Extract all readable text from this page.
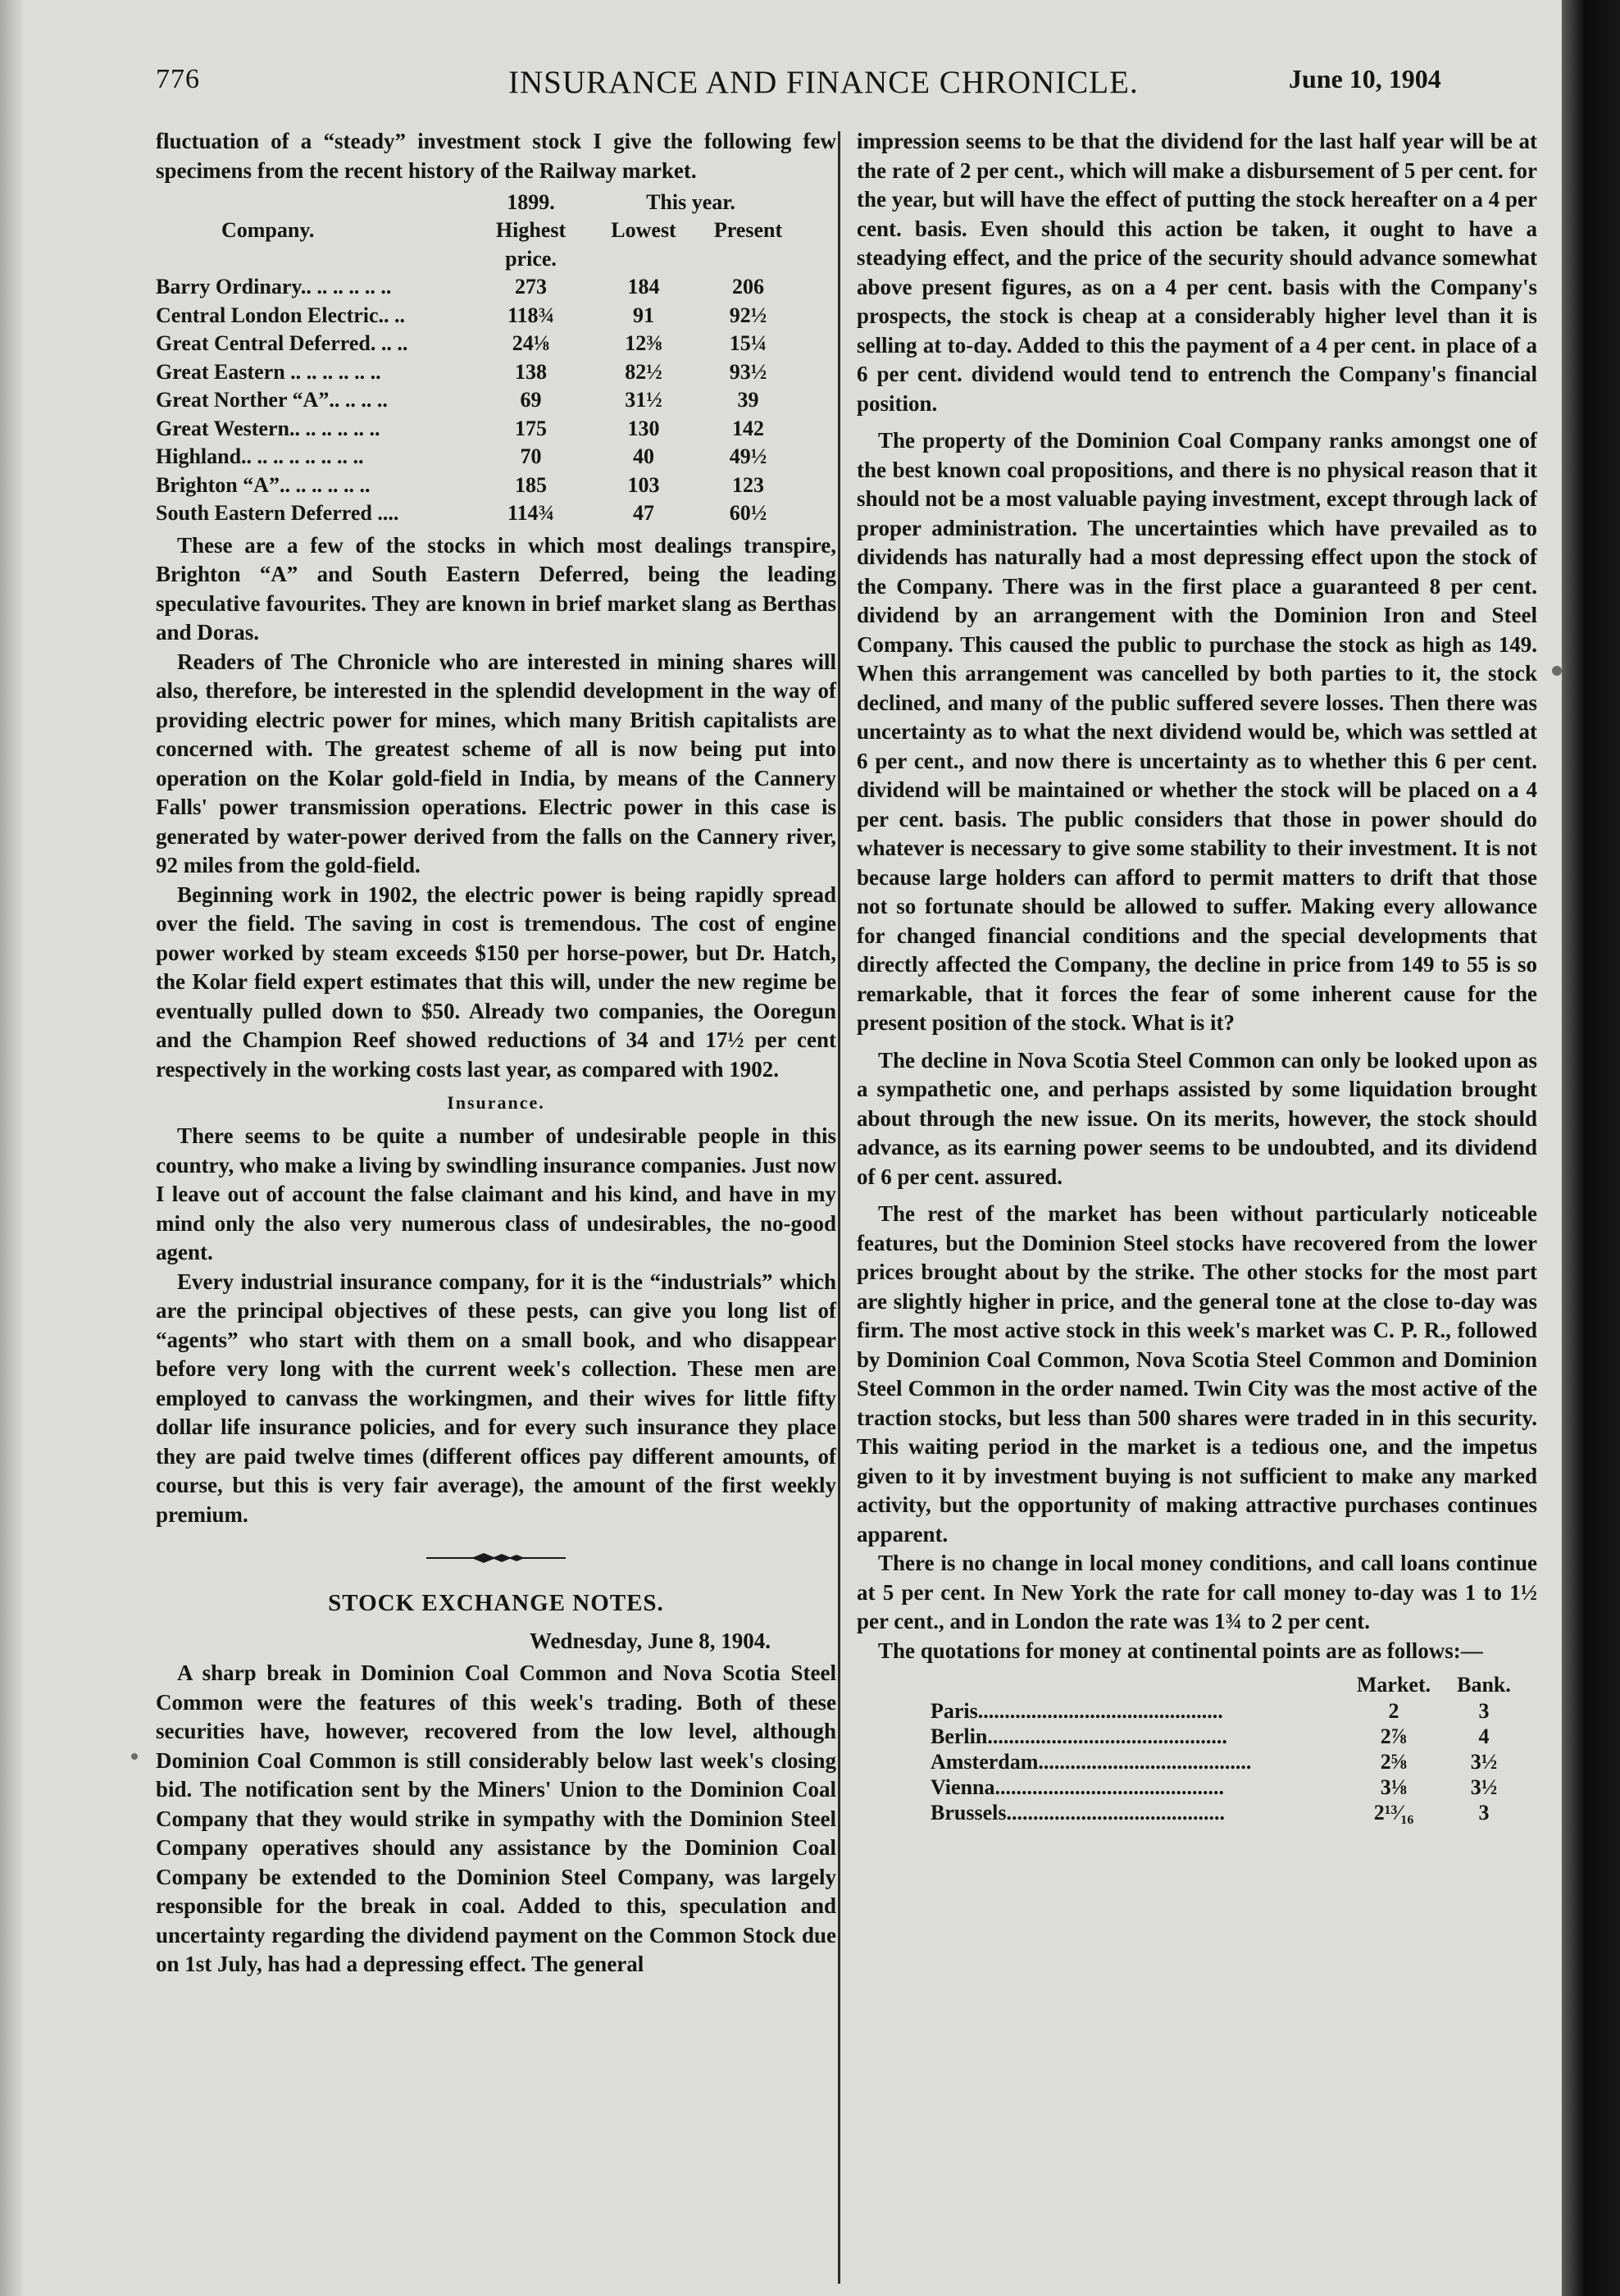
776	INSURANCE AND FINANCE CHRONICLE.	June 10, 1904

fluctuation of a “steady” investment stock I give the following few specimens from the recent history of the Railway market.

1899.	This year.
Company.	Highest price.
Lowest	Present
Barry Ordinary.. .. .. .. .. ..	273	184	206
Central London Electric.. ..	118¾	91	92½
Great Central Deferred. .. ..	24⅛	12⅜	15¼
Great Eastern .. .. .. .. .. ..	138	82½	93½
Great Norther “A”.. .. .. ..	69	31½	39
Great Western.. .. .. .. .. ..	175	130	142
Highland.. .. .. .. .. .. .. ..	70	40	49½
Brighton “A”.. .. .. .. .. ..	185	103	123
South Eastern Deferred ....	114¾	47	60½

These are a few of the stocks in which most dealings transpire, Brighton “A” and South Eastern Deferred, being the leading speculative favourites. They are known in brief market slang as Berthas and Doras.

Readers of The Chronicle who are interested in mining shares will also, therefore, be interested in the splendid development in the way of providing electric power for mines, which many British capitalists are concerned with. The greatest scheme of all is now being put into operation on the Kolar gold-field in India, by means of the Cannery Falls' power transmission operations. Electric power in this case is generated by water-power derived from the falls on the Cannery river, 92 miles from the gold-field.

Beginning work in 1902, the electric power is being rapidly spread over the field. The saving in cost is tremendous. The cost of engine power worked by steam exceeds $150 per horse-power, but Dr. Hatch, the Kolar field expert estimates that this will, under the new regime be eventually pulled down to $50. Already two companies, the Ooregun and the Champion Reef showed reductions of 34 and 17½ per cent respectively in the working costs last year, as compared with 1902.

Insurance.

There seems to be quite a number of undesirable people in this country, who make a living by swindling insurance companies. Just now I leave out of account the false claimant and his kind, and have in my mind only the also very numerous class of undesirables, the no-good agent.

Every industrial insurance company, for it is the “industrials” which are the principal objectives of these pests, can give you long list of “agents” who start with them on a small book, and who disappear before very long with the current week's collection. These men are employed to canvass the workingmen, and their wives for little fifty dollar life insurance policies, and for every such insurance they place they are paid twelve times (different offices pay different amounts, of course, but this is very fair average), the amount of the first weekly premium.

STOCK EXCHANGE NOTES.
Wednesday, June 8, 1904.

A sharp break in Dominion Coal Common and Nova Scotia Steel Common were the features of this week's trading. Both of these securities have, however, recovered from the low level, although Dominion Coal Common is still considerably below last week's closing bid. The notification sent by the Miners' Union to the Dominion Coal Company that they would strike in sympathy with the Dominion Steel Company operatives should any assistance by the Dominion Coal Company be extended to the Dominion Steel Company, was largely responsible for the break in coal. Added to this, speculation and uncertainty regarding the dividend payment on the Common Stock due on 1st July, has had a depressing effect. The general

impression seems to be that the dividend for the last half year will be at the rate of 2 per cent., which will make a disbursement of 5 per cent. for the year, but will have the effect of putting the stock hereafter on a 4 per cent. basis. Even should this action be taken, it ought to have a steadying effect, and the price of the security should advance somewhat above present figures, as on a 4 per cent. basis with the Company's prospects, the stock is cheap at a considerably higher level than it is selling at to-day. Added to this the payment of a 4 per cent. in place of a 6 per cent. dividend would tend to entrench the Company's financial position.

The property of the Dominion Coal Company ranks amongst one of the best known coal propositions, and there is no physical reason that it should not be a most valuable paying investment, except through lack of proper administration. The uncertainties which have prevailed as to dividends has naturally had a most depressing effect upon the stock of the Company. There was in the first place a guaranteed 8 per cent. dividend by an arrangement with the Dominion Iron and Steel Company. This caused the public to purchase the stock as high as 149. When this arrangement was cancelled by both parties to it, the stock declined, and many of the public suffered severe losses. Then there was uncertainty as to what the next dividend would be, which was settled at 6 per cent., and now there is uncertainty as to whether this 6 per cent. dividend will be maintained or whether the stock will be placed on a 4 per cent. basis. The public considers that those in power should do whatever is necessary to give some stability to their investment. It is not because large holders can afford to permit matters to drift that those not so fortunate should be allowed to suffer. Making every allowance for changed financial conditions and the special developments that directly affected the Company, the decline in price from 149 to 55 is so remarkable, that it forces the fear of some inherent cause for the present position of the stock. What is it?

The decline in Nova Scotia Steel Common can only be looked upon as a sympathetic one, and perhaps assisted by some liquidation brought about through the new issue. On its merits, however, the stock should advance, as its earning power seems to be undoubted, and its dividend of 6 per cent. assured.

The rest of the market has been without particularly noticeable features, but the Dominion Steel stocks have recovered from the lower prices brought about by the strike. The other stocks for the most part are slightly higher in price, and the general tone at the close to-day was firm. The most active stock in this week's market was C. P. R., followed by Dominion Coal Common, Nova Scotia Steel Common and Dominion Steel Common in the order named. Twin City was the most active of the traction stocks, but less than 500 shares were traded in in this security. This waiting period in the market is a tedious one, and the impetus given to it by investment buying is not sufficient to make any marked activity, but the opportunity of making attractive purchases continues apparent.

There is no change in local money conditions, and call loans continue at 5 per cent. In New York the rate for call money to-day was 1 to 1½ per cent., and in London the rate was 1¾ to 2 per cent.

The quotations for money at continental points are as follows:—

Market.	Bank.
Paris..............................................	2	3
Berlin.............................................	2⅞	4
Amsterdam........................................	2⅝	3½
Vienna...........................................	3⅛	3½
Brussels.........................................	2¹³⁄₁₆	3
